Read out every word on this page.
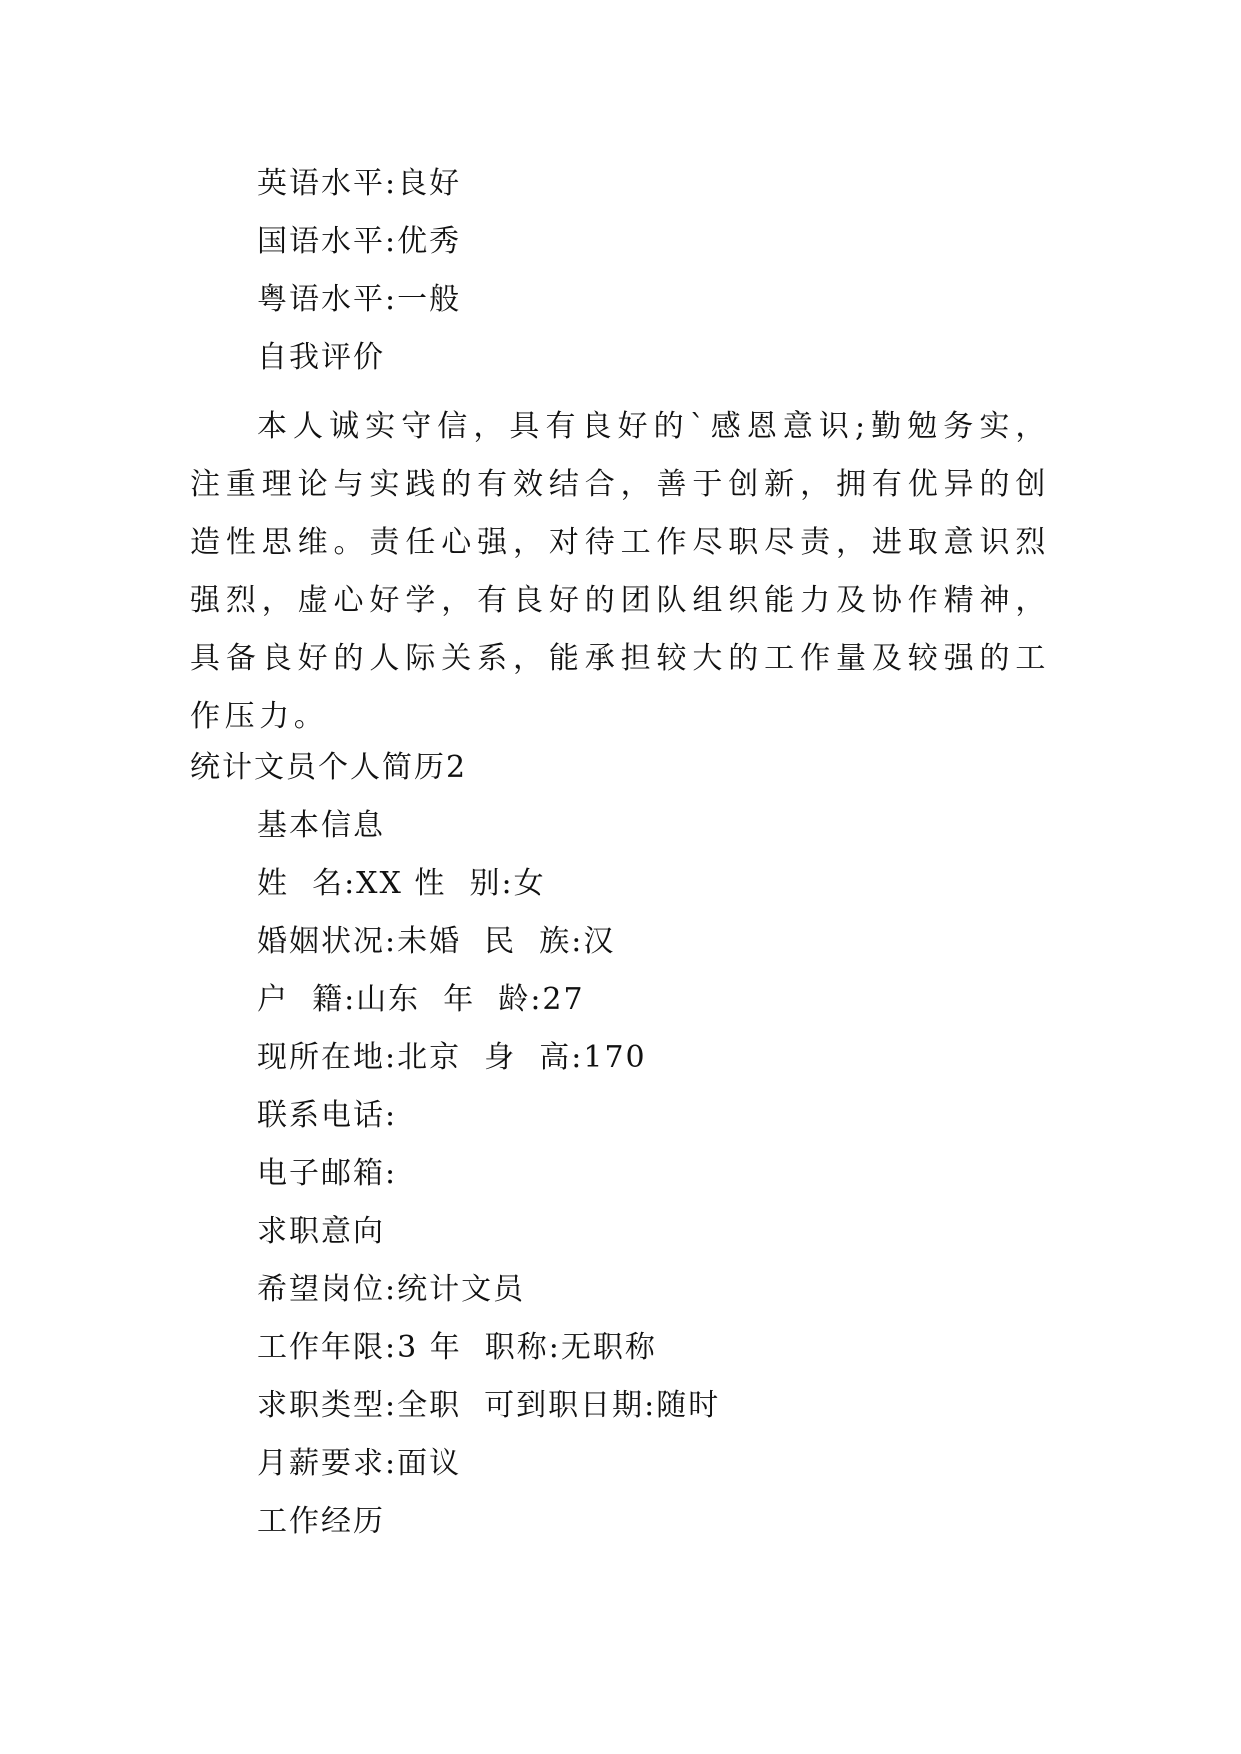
英语水平:良好
国语水平:优秀
粤语水平:一般
自我评价
本人诚实守信，具有良好的`感恩意识;勤勉务实，注重理论与实践的有效结合，善于创新，拥有优异的创造性思维。责任心强，对待工作尽职尽责，进取意识烈强烈，虚心好学，有良好的团队组织能力及协作精神，具备良好的人际关系，能承担较大的工作量及较强的工作压力。
统计文员个人简历2
基本信息
姓  名:XX 性  别:女
婚姻状况:未婚  民  族:汉
户  籍:山东  年  龄:27
现所在地:北京  身  高:170
联系电话:
电子邮箱:
求职意向
希望岗位:统计文员
工作年限:3 年  职称:无职称
求职类型:全职  可到职日期:随时
月薪要求:面议
工作经历
